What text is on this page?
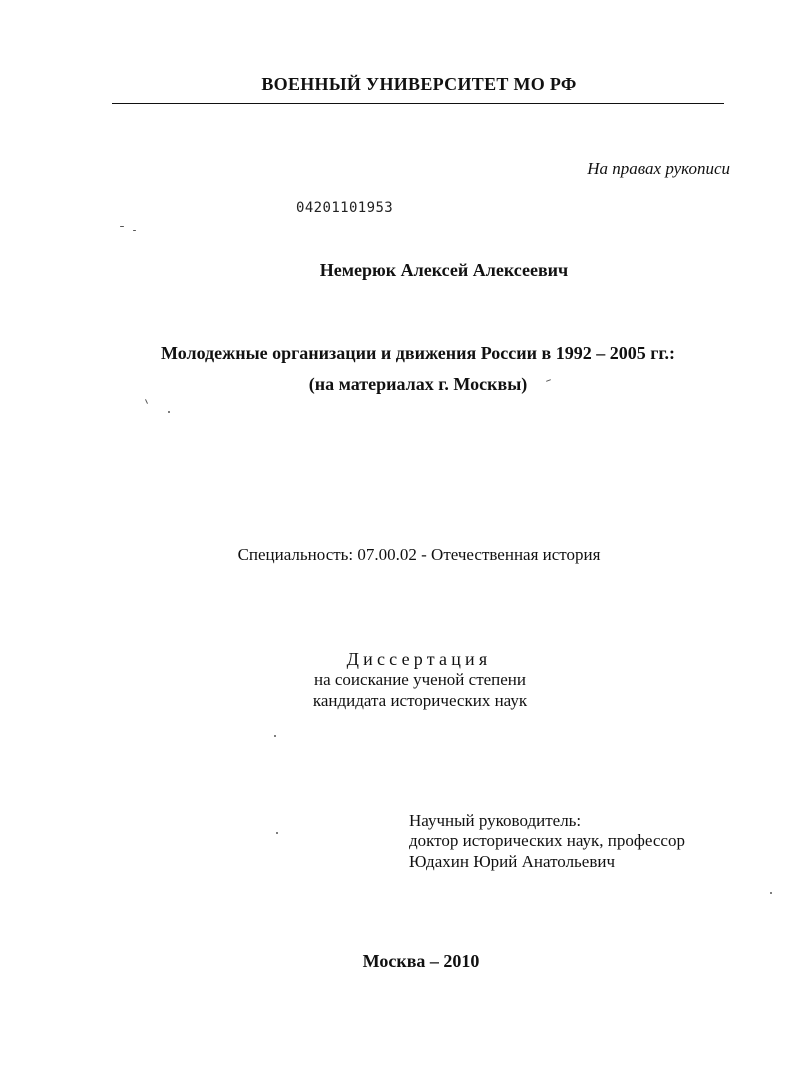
ВОЕННЫЙ УНИВЕРСИТЕТ МО РФ

На правах рукописи

04201101953

Немерюк Алексей Алексеевич

Молодежные организации и движения России в 1992 – 2005 гг.:

(на материалах г. Москвы)

Специальность: 07.00.02 - Отечественная история

Диссертация

на соискание ученой степени

кандидата исторических наук

Научный руководитель:

доктор исторических наук, профессор

Юдахин Юрий Анатольевич

Москва – 2010
